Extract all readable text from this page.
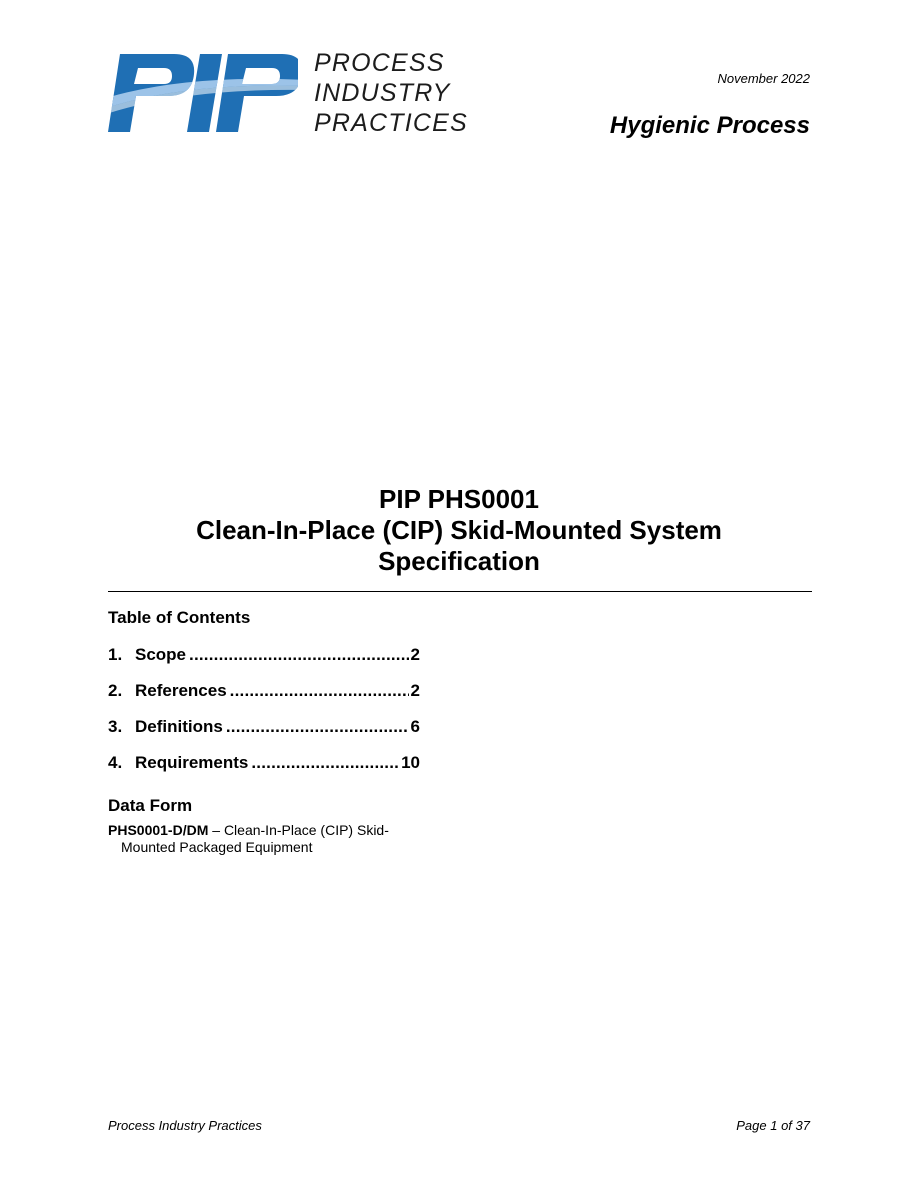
PROCESS
INDUSTRY
PRACTICES
November 2022
Hygienic Process
PIP PHS0001
Clean-In-Place (CIP) Skid-Mounted System
Specification
Table of Contents
1. Scope .....	2
2. References .....	2
3. Definitions .....	6
4. Requirements .....	10
Data Form
PHS0001-D/DM – Clean-In-Place (CIP) Skid-
Mounted Packaged Equipment
Process Industry Practices	Page 1 of 37
